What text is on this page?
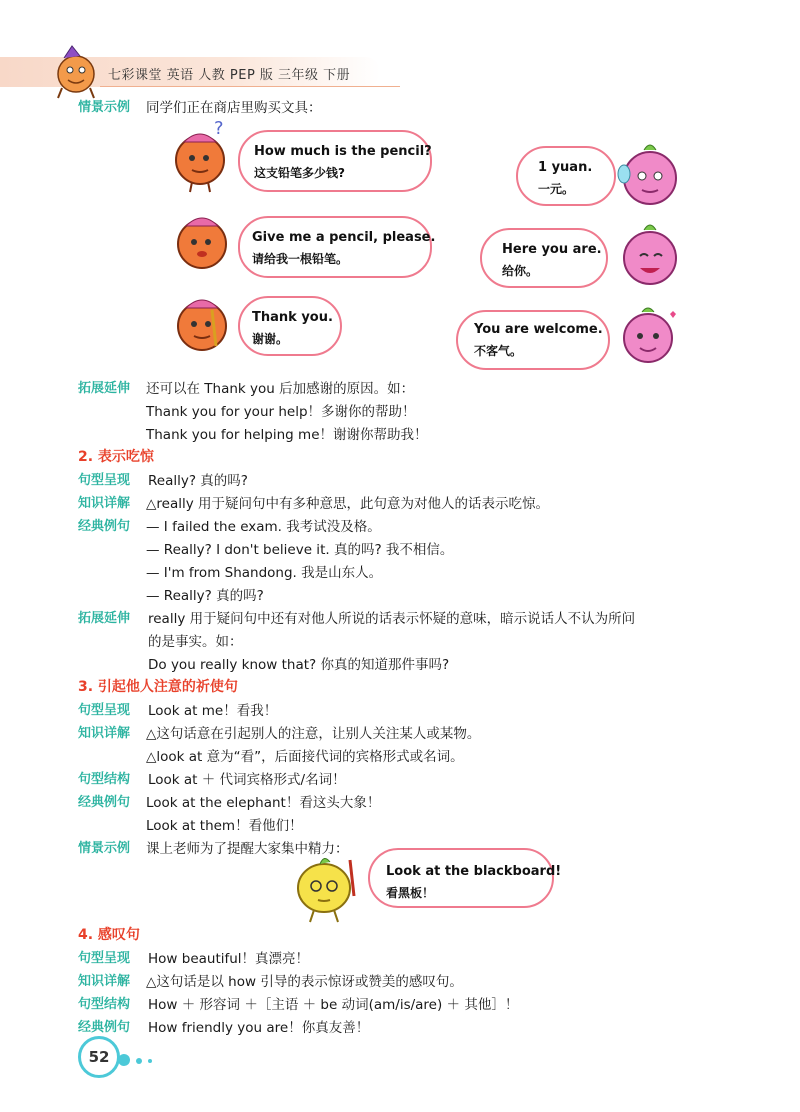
七彩课堂 英语 人教 PEP 版 三年级 下册
情景示例 同学们正在商店里购买文具：
?
How much is the pencil?
这支铅笔多少钱?
Give me a pencil, please.
请给我一根铅笔。
Thank you.
谢谢。
1 yuan.
一元。
Here you are.
给你。
You are welcome.
不客气。
拓展延伸 还可以在 Thank you 后加感谢的原因。如：
Thank you for your help！多谢你的帮助！
Thank you for helping me！谢谢你帮助我！
2. 表示吃惊
句型呈现 Really? 真的吗?
知识详解 △really 用于疑问句中有多种意思，此句意为对他人的话表示吃惊。
经典例句 — I failed the exam. 我考试没及格。
— Really? I don't believe it. 真的吗? 我不相信。
— I'm from Shandong. 我是山东人。
— Really? 真的吗?
拓展延伸 really 用于疑问句中还有对他人所说的话表示怀疑的意味，暗示说话人不认为所问
的是事实。如：
Do you really know that? 你真的知道那件事吗?
3. 引起他人注意的祈使句
句型呈现 Look at me！看我！
知识详解 △这句话意在引起别人的注意，让别人关注某人或某物。
△look at 意为“看”，后面接代词的宾格形式或名词。
句型结构 Look at ＋ 代词宾格形式/名词！
经典例句 Look at the elephant！看这头大象！
Look at them！看他们！
情景示例 课上老师为了提醒大家集中精力：
Look at the blackboard!
看黑板！
4. 感叹句
句型呈现 How beautiful！真漂亮！
知识详解 △这句话是以 how 引导的表示惊讶或赞美的感叹句。
句型结构 How ＋ 形容词 ＋［主语 ＋ be 动词(am/is/are) ＋ 其他］！
经典例句 How friendly you are！你真友善！
52
